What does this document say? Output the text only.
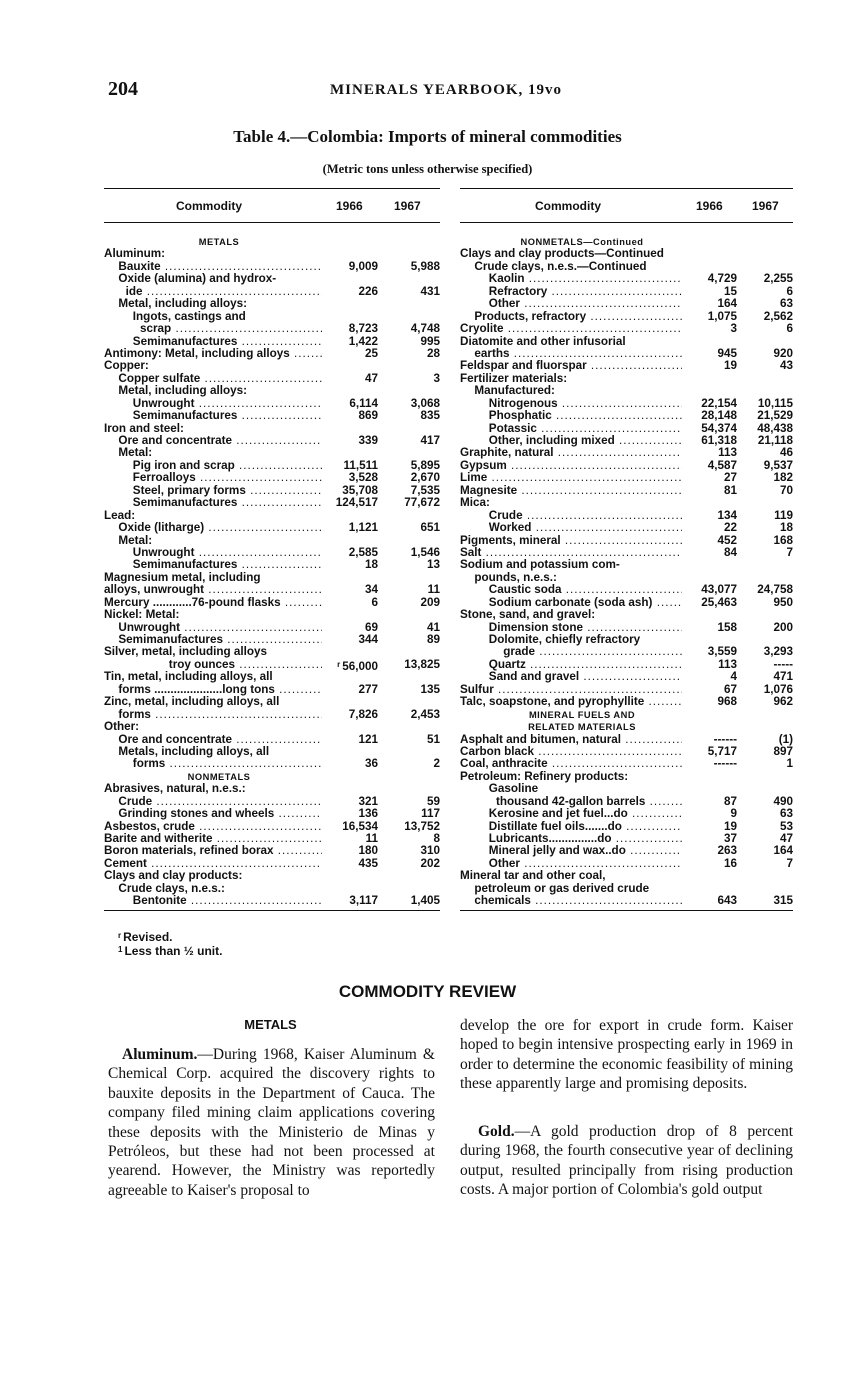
204	MINERALS YEARBOOK, 19vo
Table 4.—Colombia: Imports of mineral commodities
(Metric tons unless otherwise specified)
Commodity	1966	1967
METALS
Aluminum:
Bauxite .....	9,009	5,988
Oxide (alumina) and hydrox-
ide .....	226	431
Metal, including alloys:
Ingots, castings and
scrap .....	8,723	4,748
Semimanufactures .....	1,422	995
Antimony: Metal, including alloys .....	25	28
Copper:
Copper sulfate .....	47	3
Metal, including alloys:
Unwrought .....	6,114	3,068
Semimanufactures .....	869	835
Iron and steel:
Ore and concentrate .....	339	417
Metal:
Pig iron and scrap .....	11,511	5,895
Ferroalloys .....	3,528	2,670
Steel, primary forms .....	35,708	7,535
Semimanufactures .....	124,517 77,672
Lead:
Oxide (litharge) .....	1,121	651
Metal:
Unwrought .....	2,585	1,546
Semimanufactures .....	18	13
Magnesium metal, including
alloys, unwrought .....	34	11
Mercury ............76-pound flasks .....	6	209
Nickel: Metal:
Unwrought .....	69	41
Semimanufactures .....	344	89
Silver, metal, including alloys
troy ounces .....	$^r$ 56,000 13,825
Tin, metal, including alloys, all
forms .....................long tons .....	277	135
Zinc, metal, including alloys, all
forms .....	7,826	2,453
Other:
Ore and concentrate .....	121	51
Metals, including alloys, all
forms .....	36	2
NONMETALS
Abrasives, natural, n.e.s.:
Crude .....	321	59
Grinding stones and wheels .....	136	117
Asbestos, crude .....	16,534 13,752
Barite and witherite .....	11	8
Boron materials, refined borax .....	180	310
Cement .....	435	202
Clays and clay products:
Crude clays, n.e.s.:
Bentonite .....	3,117	1,405
Commodity	1966 1967
NONMETALS—Continued
Clays and clay products—Continued
Crude clays, n.e.s.—Continued
Kaolin .....	4,729 2,255
Refractory .....	15	6
Other .....	164	63
Products, refractory .....	1,075 2,562
Cryolite .....	3	6
Diatomite and other infusorial
earths .....	945	920
Feldspar and fluorspar .....	19	43
Fertilizer materials:
Manufactured:
Nitrogenous .....	22,154 10,115
Phosphatic .....	28,148 21,529
Potassic .....	54,374 48,438
Other, including mixed .....	61,318 21,118
Graphite, natural .....	113	46
Gypsum .....	4,587 9,537
Lime .....	27	182
Magnesite .....	81	70
Mica:
Crude .....	134	119
Worked .....	22	18
Pigments, mineral .....	452	168
Salt .....	84	7
Sodium and potassium com-
pounds, n.e.s.:
Caustic soda .....	43,077 24,758
Sodium carbonate (soda ash) .....	25,463	950
Stone, sand, and gravel:
Dimension stone .....	158	200
Dolomite, chiefly refractory
grade .....	3,559 3,293
Quartz .....	113	-----
Sand and gravel .....	4	471
Sulfur .....	67 1,076
Talc, soapstone, and pyrophyllite .....	968	962
MINERAL FUELS AND
RELATED MATERIALS
Asphalt and bitumen, natural .....	------	(1)
Carbon black .....	5,717	897
Coal, anthracite .....	------	1
Petroleum: Refinery products:
Gasoline
thousand 42-gallon barrels .....	87	490
Kerosine and jet fuel...do .....	9	63
Distillate fuel oils.......do .....	19	53
Lubricants...............do .....	37	47
Mineral jelly and wax..do .....	263	164
Other .....	16	7
Mineral tar and other coal,
petroleum or gas derived crude
chemicals .....	643	315
$^r$ Revised.
$^1$ Less than ½ unit.
COMMODITY REVIEW
METALS
Aluminum.—During 1968, Kaiser Aluminum & Chemical Corp. acquired the discovery rights to bauxite deposits in the Department of Cauca. The company filed mining claim applications covering these deposits with the Ministerio de Minas y Petróleos, but these had not been processed at yearend. However, the Ministry was reportedly agreeable to Kaiser's proposal to
develop the ore for export in crude form. Kaiser hoped to begin intensive prospecting early in 1969 in order to determine the economic feasibility of mining these apparently large and promising deposits.
Gold.—A gold production drop of 8 percent during 1968, the fourth consecutive year of declining output, resulted principally from rising production costs. A major portion of Colombia's gold output
